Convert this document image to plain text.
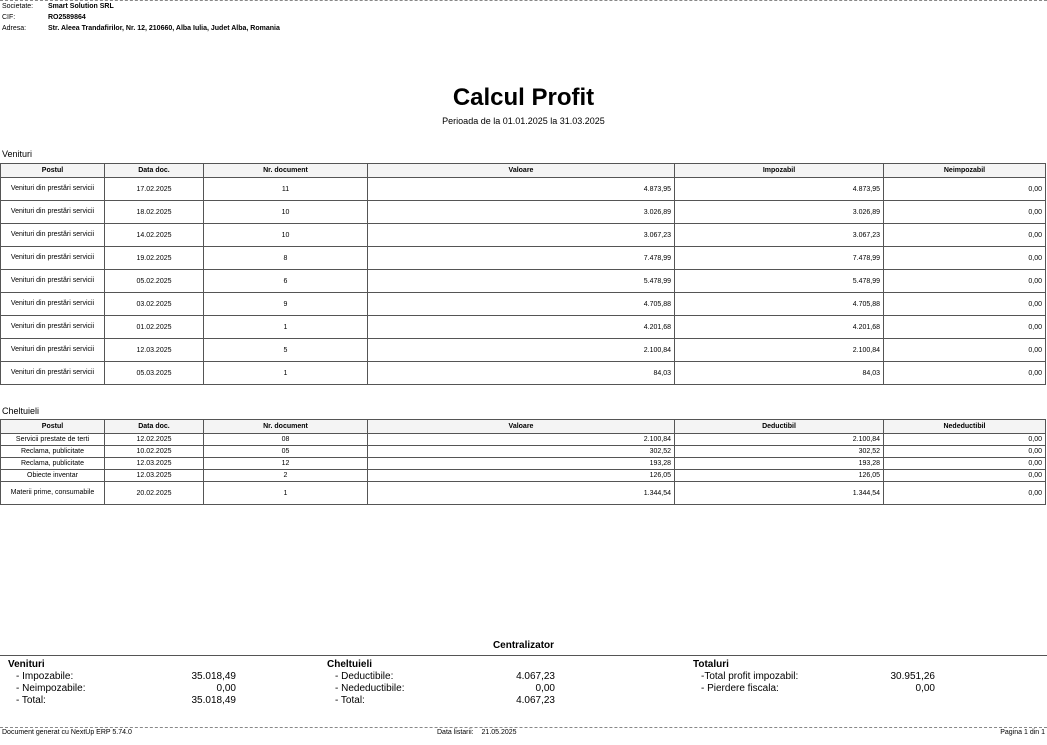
Societate:	Smart Solution SRL
CIF:	RO2589864
Adresa:	Str. Aleea Trandafirilor, Nr. 12, 210660, Alba Iulia, Judet Alba, Romania
Calcul Profit
Perioada de la 01.01.2025 la 31.03.2025
Venituri
Postul	Data doc.	Nr. document	Valoare	Impozabil	Neimpozabil
Venituri din prestări servicii	17.02.2025	11	4.873,95	4.873,95	0,00
Venituri din prestări servicii	18.02.2025	10	3.026,89	3.026,89	0,00
Venituri din prestări servicii	14.02.2025	10	3.067,23	3.067,23	0,00
Venituri din prestări servicii	19.02.2025	8	7.478,99	7.478,99	0,00
Venituri din prestări servicii	05.02.2025	6	5.478,99	5.478,99	0,00
Venituri din prestări servicii	03.02.2025	9	4.705,88	4.705,88	0,00
Venituri din prestări servicii	01.02.2025	1	4.201,68	4.201,68	0,00
Venituri din prestări servicii	12.03.2025	5	2.100,84	2.100,84	0,00
Venituri din prestări servicii	05.03.2025	1	84,03	84,03	0,00
Cheltuieli
Postul	Data doc.	Nr. document	Valoare	Deductibil	Nedeductibil
Servicii prestate de terti	12.02.2025	08	2.100,84	2.100,84	0,00
Reclama, publicitate	10.02.2025	05	302,52	302,52	0,00
Reclama, publicitate	12.03.2025	12	193,28	193,28	0,00
Obiecte inventar	12.03.2025	2	126,05	126,05	0,00
Materii prime, consumabile	20.02.2025	1	1.344,54	1.344,54	0,00
Centralizator
Venituri
- Impozabile:	35.018,49
- Neimpozabile:	0,00
- Total:	35.018,49
Cheltuieli
- Deductibile:	4.067,23
- Nedeductibile:	0,00
- Total:	4.067,23
Totaluri
-Total profit impozabil:	30.951,26
- Pierdere fiscala:	0,00
Document generat cu NextUp ERP 5.74.0	Data listarii: 21.05.2025	Pagina 1 din 1
